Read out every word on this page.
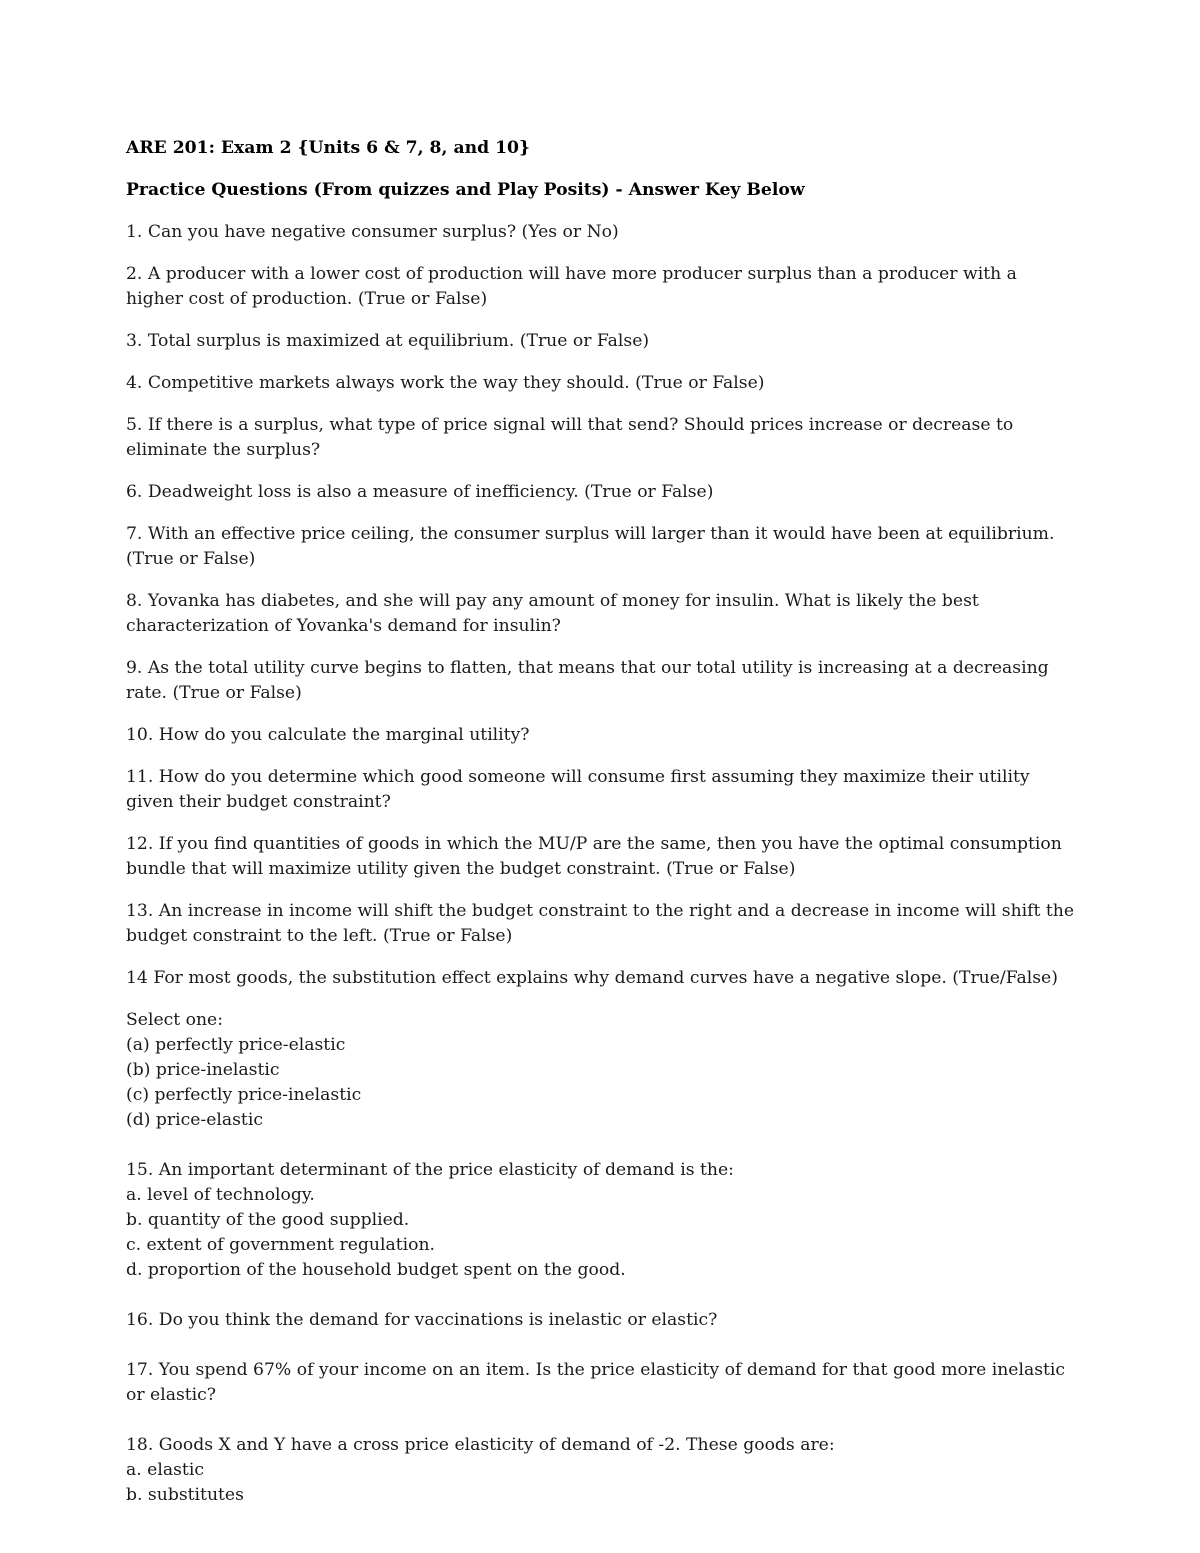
ARE 201: Exam 2 {Units 6 & 7, 8, and 10}

Practice Questions (From quizzes and Play Posits) - Answer Key Below

1. Can you have negative consumer surplus? (Yes or No)

2. A producer with a lower cost of production will have more producer surplus than a producer with a higher cost of production. (True or False)

3. Total surplus is maximized at equilibrium. (True or False)

4. Competitive markets always work the way they should. (True or False)

5. If there is a surplus, what type of price signal will that send? Should prices increase or decrease to eliminate the surplus?

6. Deadweight loss is also a measure of inefficiency. (True or False)

7. With an effective price ceiling, the consumer surplus will larger than it would have been at equilibrium. (True or False)

8. Yovanka has diabetes, and she will pay any amount of money for insulin. What is likely the best characterization of Yovanka's demand for insulin?

9. As the total utility curve begins to flatten, that means that our total utility is increasing at a decreasing rate. (True or False)

10. How do you calculate the marginal utility?

11. How do you determine which good someone will consume first assuming they maximize their utility given their budget constraint?

12. If you find quantities of goods in which the MU/P are the same, then you have the optimal consumption bundle that will maximize utility given the budget constraint. (True or False)

13. An increase in income will shift the budget constraint to the right and a decrease in income will shift the budget constraint to the left. (True or False)

14 For most goods, the substitution effect explains why demand curves have a negative slope. (True/False)

Select one:
(a) perfectly price-elastic
(b) price-inelastic
(c) perfectly price-inelastic
(d) price-elastic
15. An important determinant of the price elasticity of demand is the:
a. level of technology.
b. quantity of the good supplied.
c. extent of government regulation.
d. proportion of the household budget spent on the good.

16. Do you think the demand for vaccinations is inelastic or elastic?

17. You spend 67% of your income on an item. Is the price elasticity of demand for that good more inelastic or elastic?

18. Goods X and Y have a cross price elasticity of demand of -2. These goods are:
a. elastic
b. substitutes
